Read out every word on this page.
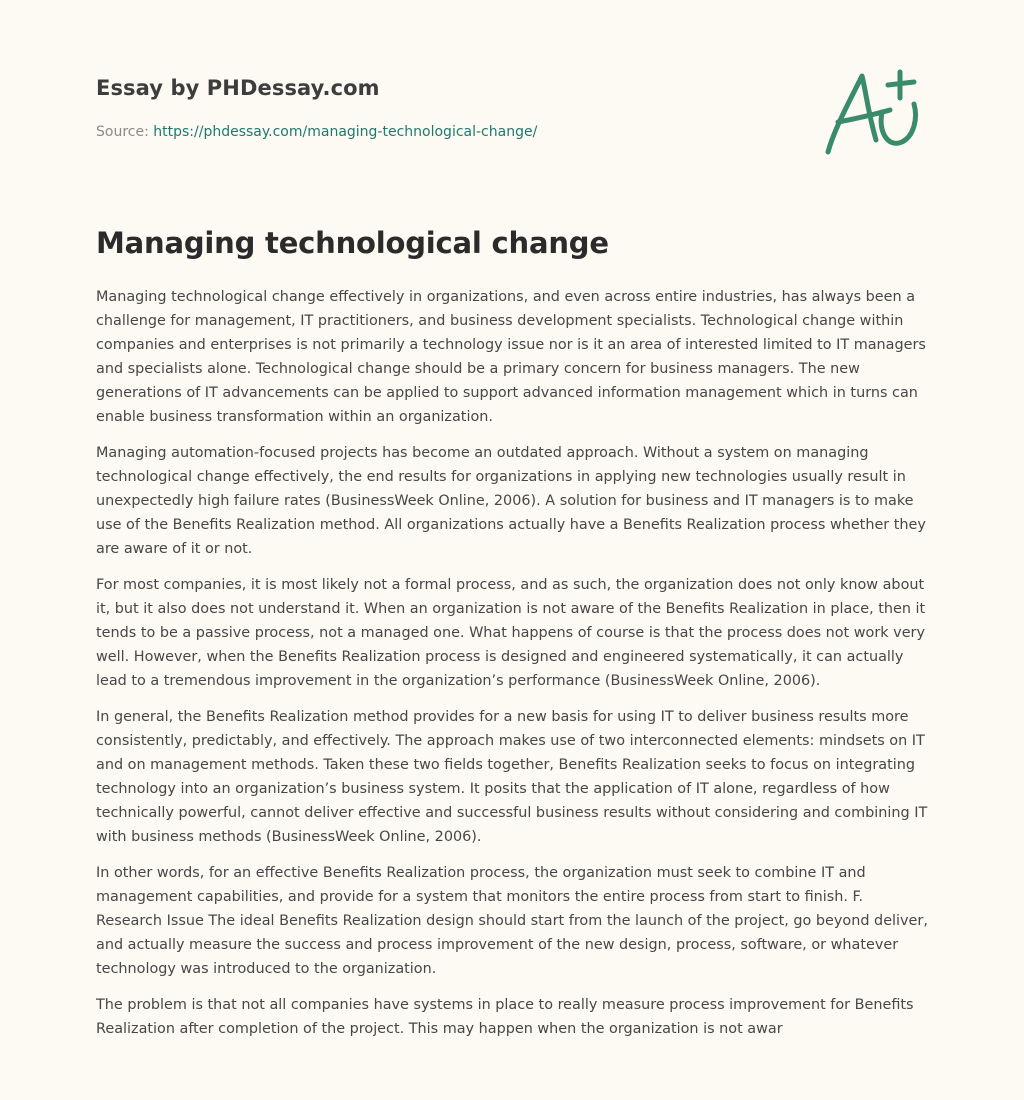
Essay by PHDessay.com
Source: https://phdessay.com/managing-technological-change/
Managing technological change

Managing technological change effectively in organizations, and even across entire industries, has always been a challenge for management, IT practitioners, and business development specialists. Technological change within companies and enterprises is not primarily a technology issue nor is it an area of interested limited to IT managers and specialists alone. Technological change should be a primary concern for business managers. The new generations of IT advancements can be applied to support advanced information management which in turns can enable business transformation within an organization.

Managing automation-focused projects has become an outdated approach. Without a system on managing technological change effectively, the end results for organizations in applying new technologies usually result in unexpectedly high failure rates (BusinessWeek Online, 2006). A solution for business and IT managers is to make use of the Benefits Realization method. All organizations actually have a Benefits Realization process whether they are aware of it or not.

For most companies, it is most likely not a formal process, and as such, the organization does not only know about it, but it also does not understand it. When an organization is not aware of the Benefits Realization in place, then it tends to be a passive process, not a managed one. What happens of course is that the process does not work very well. However, when the Benefits Realization process is designed and engineered systematically, it can actually lead to a tremendous improvement in the organization’s performance (BusinessWeek Online, 2006).

In general, the Benefits Realization method provides for a new basis for using IT to deliver business results more consistently, predictably, and effectively. The approach makes use of two interconnected elements: mindsets on IT and on management methods. Taken these two fields together, Benefits Realization seeks to focus on integrating technology into an organization’s business system. It posits that the application of IT alone, regardless of how technically powerful, cannot deliver effective and successful business results without considering and combining IT with business methods (BusinessWeek Online, 2006).

In other words, for an effective Benefits Realization process, the organization must seek to combine IT and management capabilities, and provide for a system that monitors the entire process from start to finish. F. Research Issue The ideal Benefits Realization design should start from the launch of the project, go beyond deliver, and actually measure the success and process improvement of the new design, process, software, or whatever technology was introduced to the organization.

The problem is that not all companies have systems in place to really measure process improvement for Benefits Realization after completion of the project. This may happen when the organization is not awar
